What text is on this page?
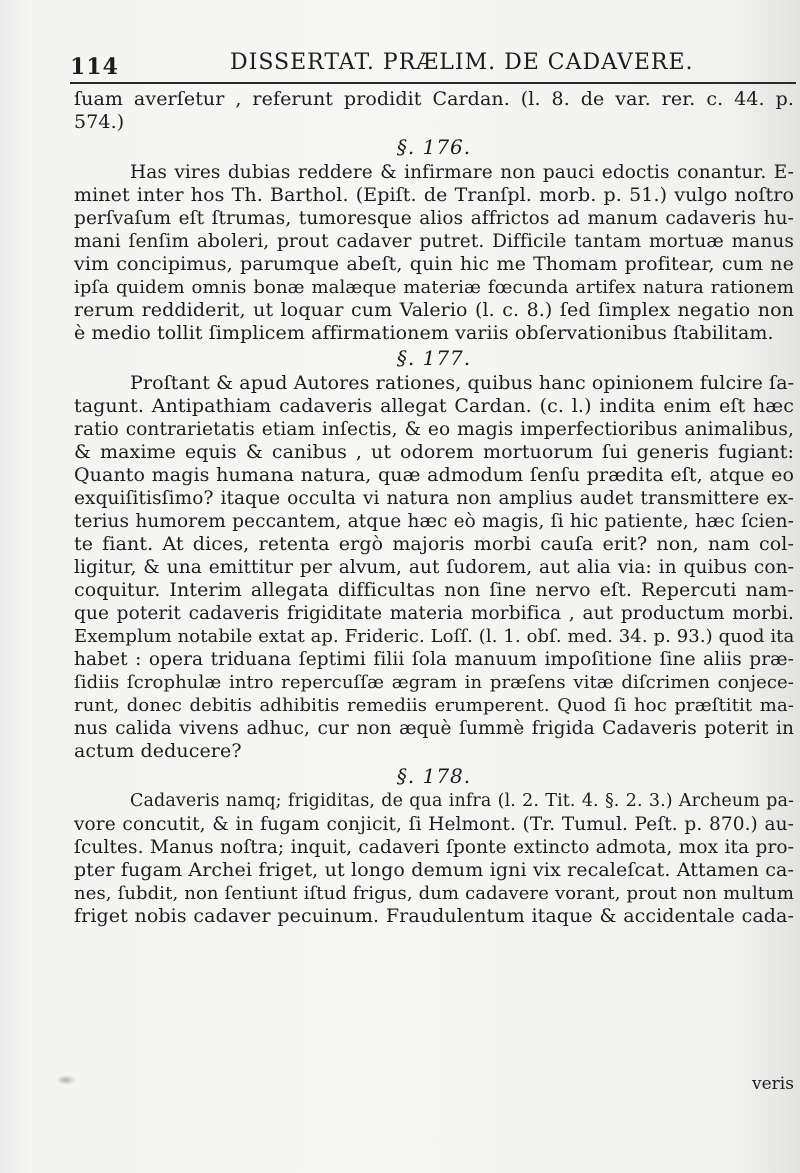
114	DISSERTAT. PRÆLIM. DE CADAVERE.
ſuam averſetur , referunt prodidit Cardan. (l. 8. de var. rer. c. 44. p.
574.)
§. 176.
Has vires dubias reddere & infirmare non pauci edoctis conantur. E-
minet inter hos Th. Barthol. (Epiſt. de Tranſpl. morb. p. 51.) vulgo noſtro
perſvaſum eſt ſtrumas, tumoresque alios affrictos ad manum cadaveris hu-
mani ſenſim aboleri, prout cadaver putret. Difficile tantam mortuæ manus
vim concipimus, parumque abeſt, quin hic me Thomam profitear, cum ne
ipſa quidem omnis bonæ malæque materiæ fœcunda artifex natura rationem
rerum reddiderit, ut loquar cum Valerio (l. c. 8.) ſed ſimplex negatio non
è medio tollit ſimplicem affirmationem variis obſervationibus ſtabilitam.
§. 177.
Proſtant & apud Autores rationes, quibus hanc opinionem fulcire ſa-
tagunt. Antipathiam cadaveris allegat Cardan. (c. l.) indita enim eſt hæc
ratio contrarietatis etiam inſectis, & eo magis imperfectioribus animalibus,
& maxime equis & canibus , ut odorem mortuorum ſui generis fugiant:
Quanto magis humana natura, quæ admodum ſenſu prædita eſt, atque eo
exquiſitisſimo? itaque occulta vi natura non amplius audet transmittere ex-
terius humorem peccantem, atque hæc eò magis, ſi hic patiente, hæc ſcien-
te fiant. At dices, retenta ergò majoris morbi cauſa erit? non, nam col-
ligitur, & una emittitur per alvum, aut ſudorem, aut alia via: in quibus con-
coquitur. Interim allegata difficultas non ſine nervo eſt. Repercuti nam-
que poterit cadaveris frigiditate materia morbifica , aut productum morbi.
Exemplum notabile extat ap. Frideric. Loſſ. (l. 1. obſ. med. 34. p. 93.) quod ita
habet : opera triduana ſeptimi filii ſola manuum impoſitione ſine aliis præ-
ſidiis ſcrophulæ intro repercuſſæ ægram in præſens vitæ diſcrimen conjece-
runt, donec debitis adhibitis remediis erumperent. Quod ſi hoc præſtitit ma-
nus calida vivens adhuc, cur non æquè ſummè frigida Cadaveris poterit in
actum deducere?
§. 178.
Cadaveris namq; frigiditas, de qua infra (l. 2. Tit. 4. §. 2. 3.) Archeum pa-
vore concutit, & in fugam conjicit, ſi Helmont. (Tr. Tumul. Peſt. p. 870.) au-
ſcultes. Manus noſtra; inquit, cadaveri ſponte extincto admota, mox ita pro-
pter fugam Archei friget, ut longo demum igni vix recaleſcat. Attamen ca-
nes, ſubdit, non ſentiunt iſtud frigus, dum cadavere vorant, prout non multum
friget nobis cadaver pecuinum. Fraudulentum itaque & accidentale cada-
veris
